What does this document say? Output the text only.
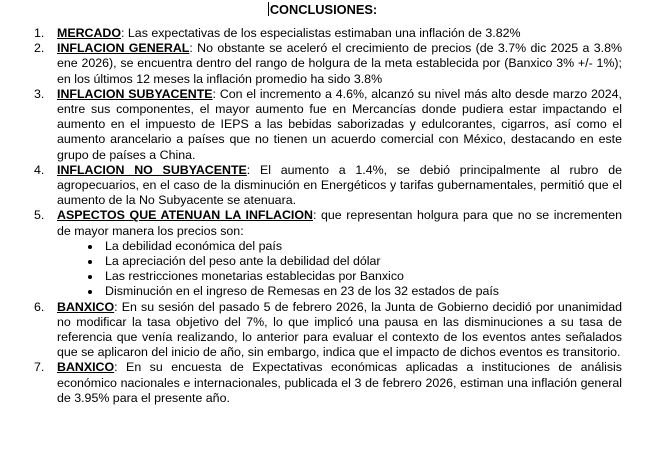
CONCLUSIONES:
1. MERCADO: Las expectativas de los especialistas estimaban una inflación de 3.82%
2. INFLACION GENERAL: No obstante se aceleró el crecimiento de precios (de 3.7% dic 2025 a 3.8% ene 2026), se encuentra dentro del rango de holgura de la meta establecida por (Banxico 3% +/- 1%); en los últimos 12 meses la inflación promedio ha sido 3.8%
3. INFLACION SUBYACENTE: Con el incremento a 4.6%, alcanzó su nivel más alto desde marzo 2024, entre sus componentes, el mayor aumento fue en Mercancías donde pudiera estar impactando el aumento en el impuesto de IEPS a las bebidas saborizadas y edulcorantes, cigarros, así como el aumento arancelario a países que no tienen un acuerdo comercial con México, destacando en este grupo de países a China.
4. INFLACION NO SUBYACENTE: El aumento a 1.4%, se debió principalmente al rubro de agropecuarios, en el caso de la disminución en Energéticos y tarifas gubernamentales, permitió que el aumento de la No Subyacente se atenuara.
5. ASPECTOS QUE ATENUAN LA INFLACION: que representan holgura para que no se incrementen de mayor manera los precios son:
La debilidad económica del país
La apreciación del peso ante la debilidad del dólar
Las restricciones monetarias establecidas por Banxico
Disminución en el ingreso de Remesas en 23 de los 32 estados de país
6. BANXICO: En su sesión del pasado 5 de febrero 2026, la Junta de Gobierno decidió por unanimidad no modificar la tasa objetivo del 7%, lo que implicó una pausa en las disminuciones a su tasa de referencia que venía realizando, lo anterior para evaluar el contexto de los eventos antes señalados que se aplicaron del inicio de año, sin embargo, indica que el impacto de dichos eventos es transitorio.
7. BANXICO: En su encuesta de Expectativas económicas aplicadas a instituciones de análisis económico nacionales e internacionales, publicada el 3 de febrero 2026, estiman una inflación general de 3.95% para el presente año.
